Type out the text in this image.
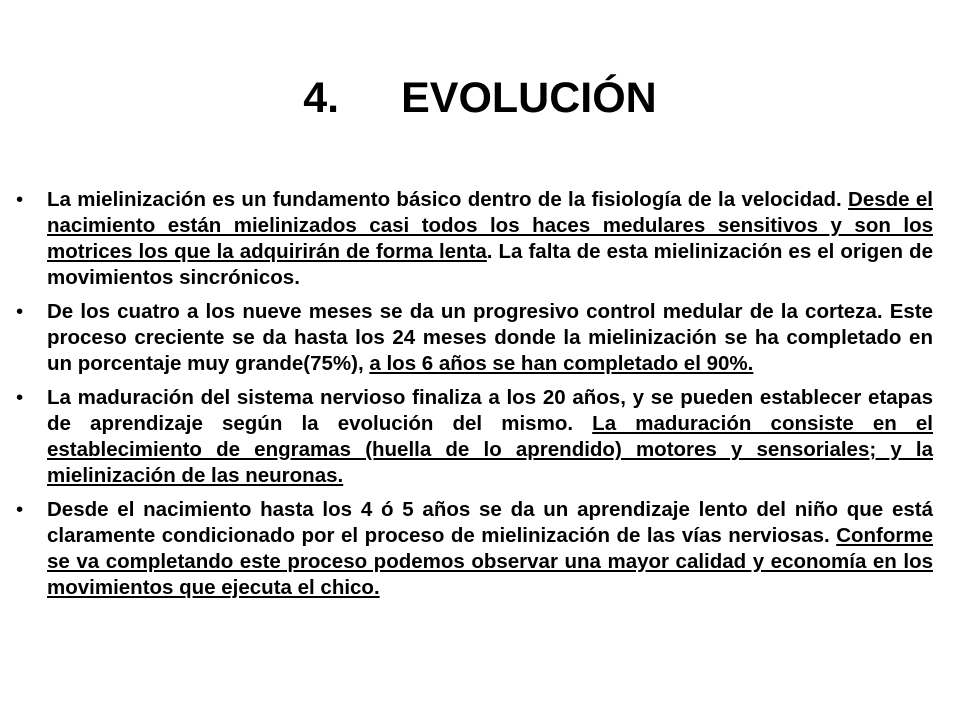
4. EVOLUCIÓN
• La mielinización es un fundamento básico dentro de la fisiología de la velocidad. Desde el nacimiento están mielinizados casi todos los haces medulares sensitivos y son los motrices los que la adquirirán de forma lenta. La falta de esta mielinización es el origen de movimientos sincrónicos.
• De los cuatro a los nueve meses se da un progresivo control medular de la corteza. Este proceso creciente se da hasta los 24 meses donde la mielinización se ha completado en un porcentaje muy grande(75%), a los 6 años se han completado el 90%.
• La maduración del sistema nervioso finaliza a los 20 años, y se pueden establecer etapas de aprendizaje según la evolución del mismo. La maduración consiste en el establecimiento de engramas (huella de lo aprendido) motores y sensoriales; y la mielinización de las neuronas.
• Desde el nacimiento hasta los 4 ó 5 años se da un aprendizaje lento del niño que está claramente condicionado por el proceso de mielinización de las vías nerviosas. Conforme se va completando este proceso podemos observar una mayor calidad y economía en los movimientos que ejecuta el chico.
